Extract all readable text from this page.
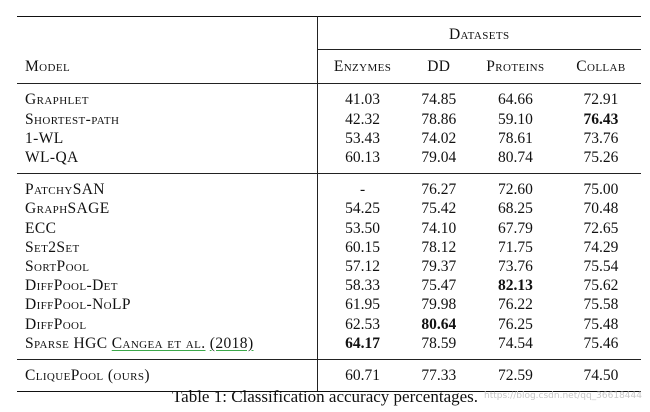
	Datasets			
Model	Enzymes	DD	Proteins	Collab
Graphlet	41.03	74.85	64.66	72.91
Shortest-path	42.32	78.86	59.10	76.43
1-WL	53.43	74.02	78.61	73.76
WL-QA	60.13	79.04	80.74	75.26
PatchySAN	-	76.27	72.60	75.00
GraphSAGE	54.25	75.42	68.25	70.48
ECC	53.50	74.10	67.79	72.65
Set2Set	60.15	78.12	71.75	74.29
SortPool	57.12	79.37	73.76	75.54
DiffPool-Det	58.33	75.47	82.13	75.62
DiffPool-NoLP	61.95	79.98	76.22	75.58
DiffPool	62.53	80.64	76.25	75.48
Sparse HGC Cangea et al. (2018)	64.17	78.59	74.54	75.46
CliquePool (ours)	60.71	77.33	72.59	74.50
Table 1: Classification accuracy percentages. https://blog.csdn.net/qq_36618444
